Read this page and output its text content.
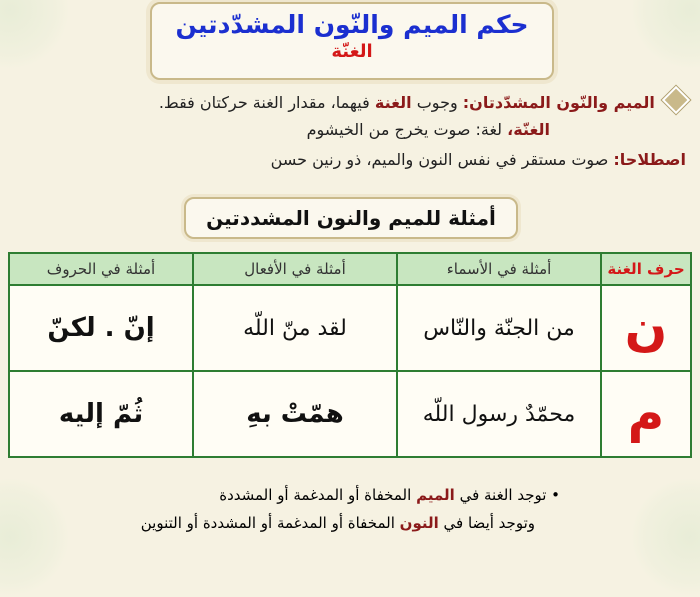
حكم الميم والنّون المشدّدتين
الغنّة
الميم والنّون المشدّدتان: وجوب الغنة فيهما، مقدار الغنة حركتان فقط.
الغنّة، لغة: صوت يخرج من الخيشوم
اصطلاحا: صوت مستقر في نفس النون والميم، ذو رنين حسن
أمثلة للميم والنون المشددتين
حرف الغنة	أمثلة في الأسماء	أمثلة في الأفعال	أمثلة في الحروف
ن	من الجنّة والنّاس	لقد منّ اللّه	إنّ . لكنّ
م	محمّدٌ رسول اللّه	همّتْ بهِ	ثُمّ إليه
• توجد الغنة في الميم المخفاة أو المدغمة أو المشددة
وتوجد أيضا في النون المخفاة أو المدغمة أو المشددة أو التنوين
